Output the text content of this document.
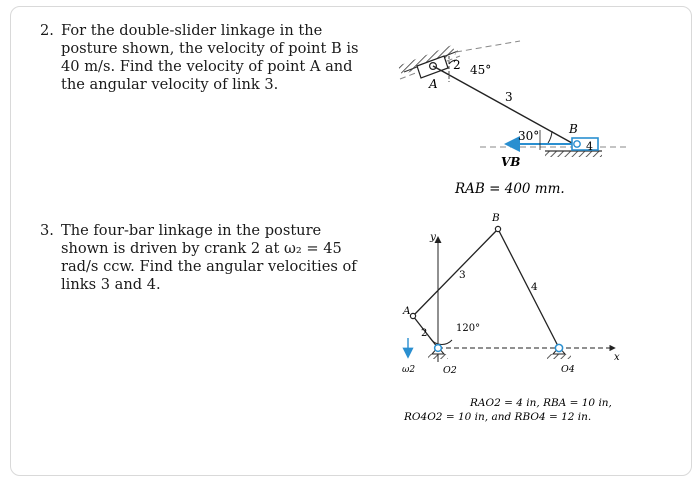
2. For the double-slider linkage in the posture shown, the velocity of point B is 40 m/s. Find the velocity of point A and the angular velocity of link 3.
3. The four-bar linkage in the posture shown is driven by crank 2 at ω₂ = 45 rad/s ccw. Find the angular velocities of links 3 and 4.
A
2 45°
3
B
30°
4
VB
RAB = 400 mm.
B
y
3
4
A
2	120°
ω2	O2	O4
x
RAO2 = 4 in, RBA = 10 in,
RO4O2 = 10 in, and RBO4 = 12 in.
